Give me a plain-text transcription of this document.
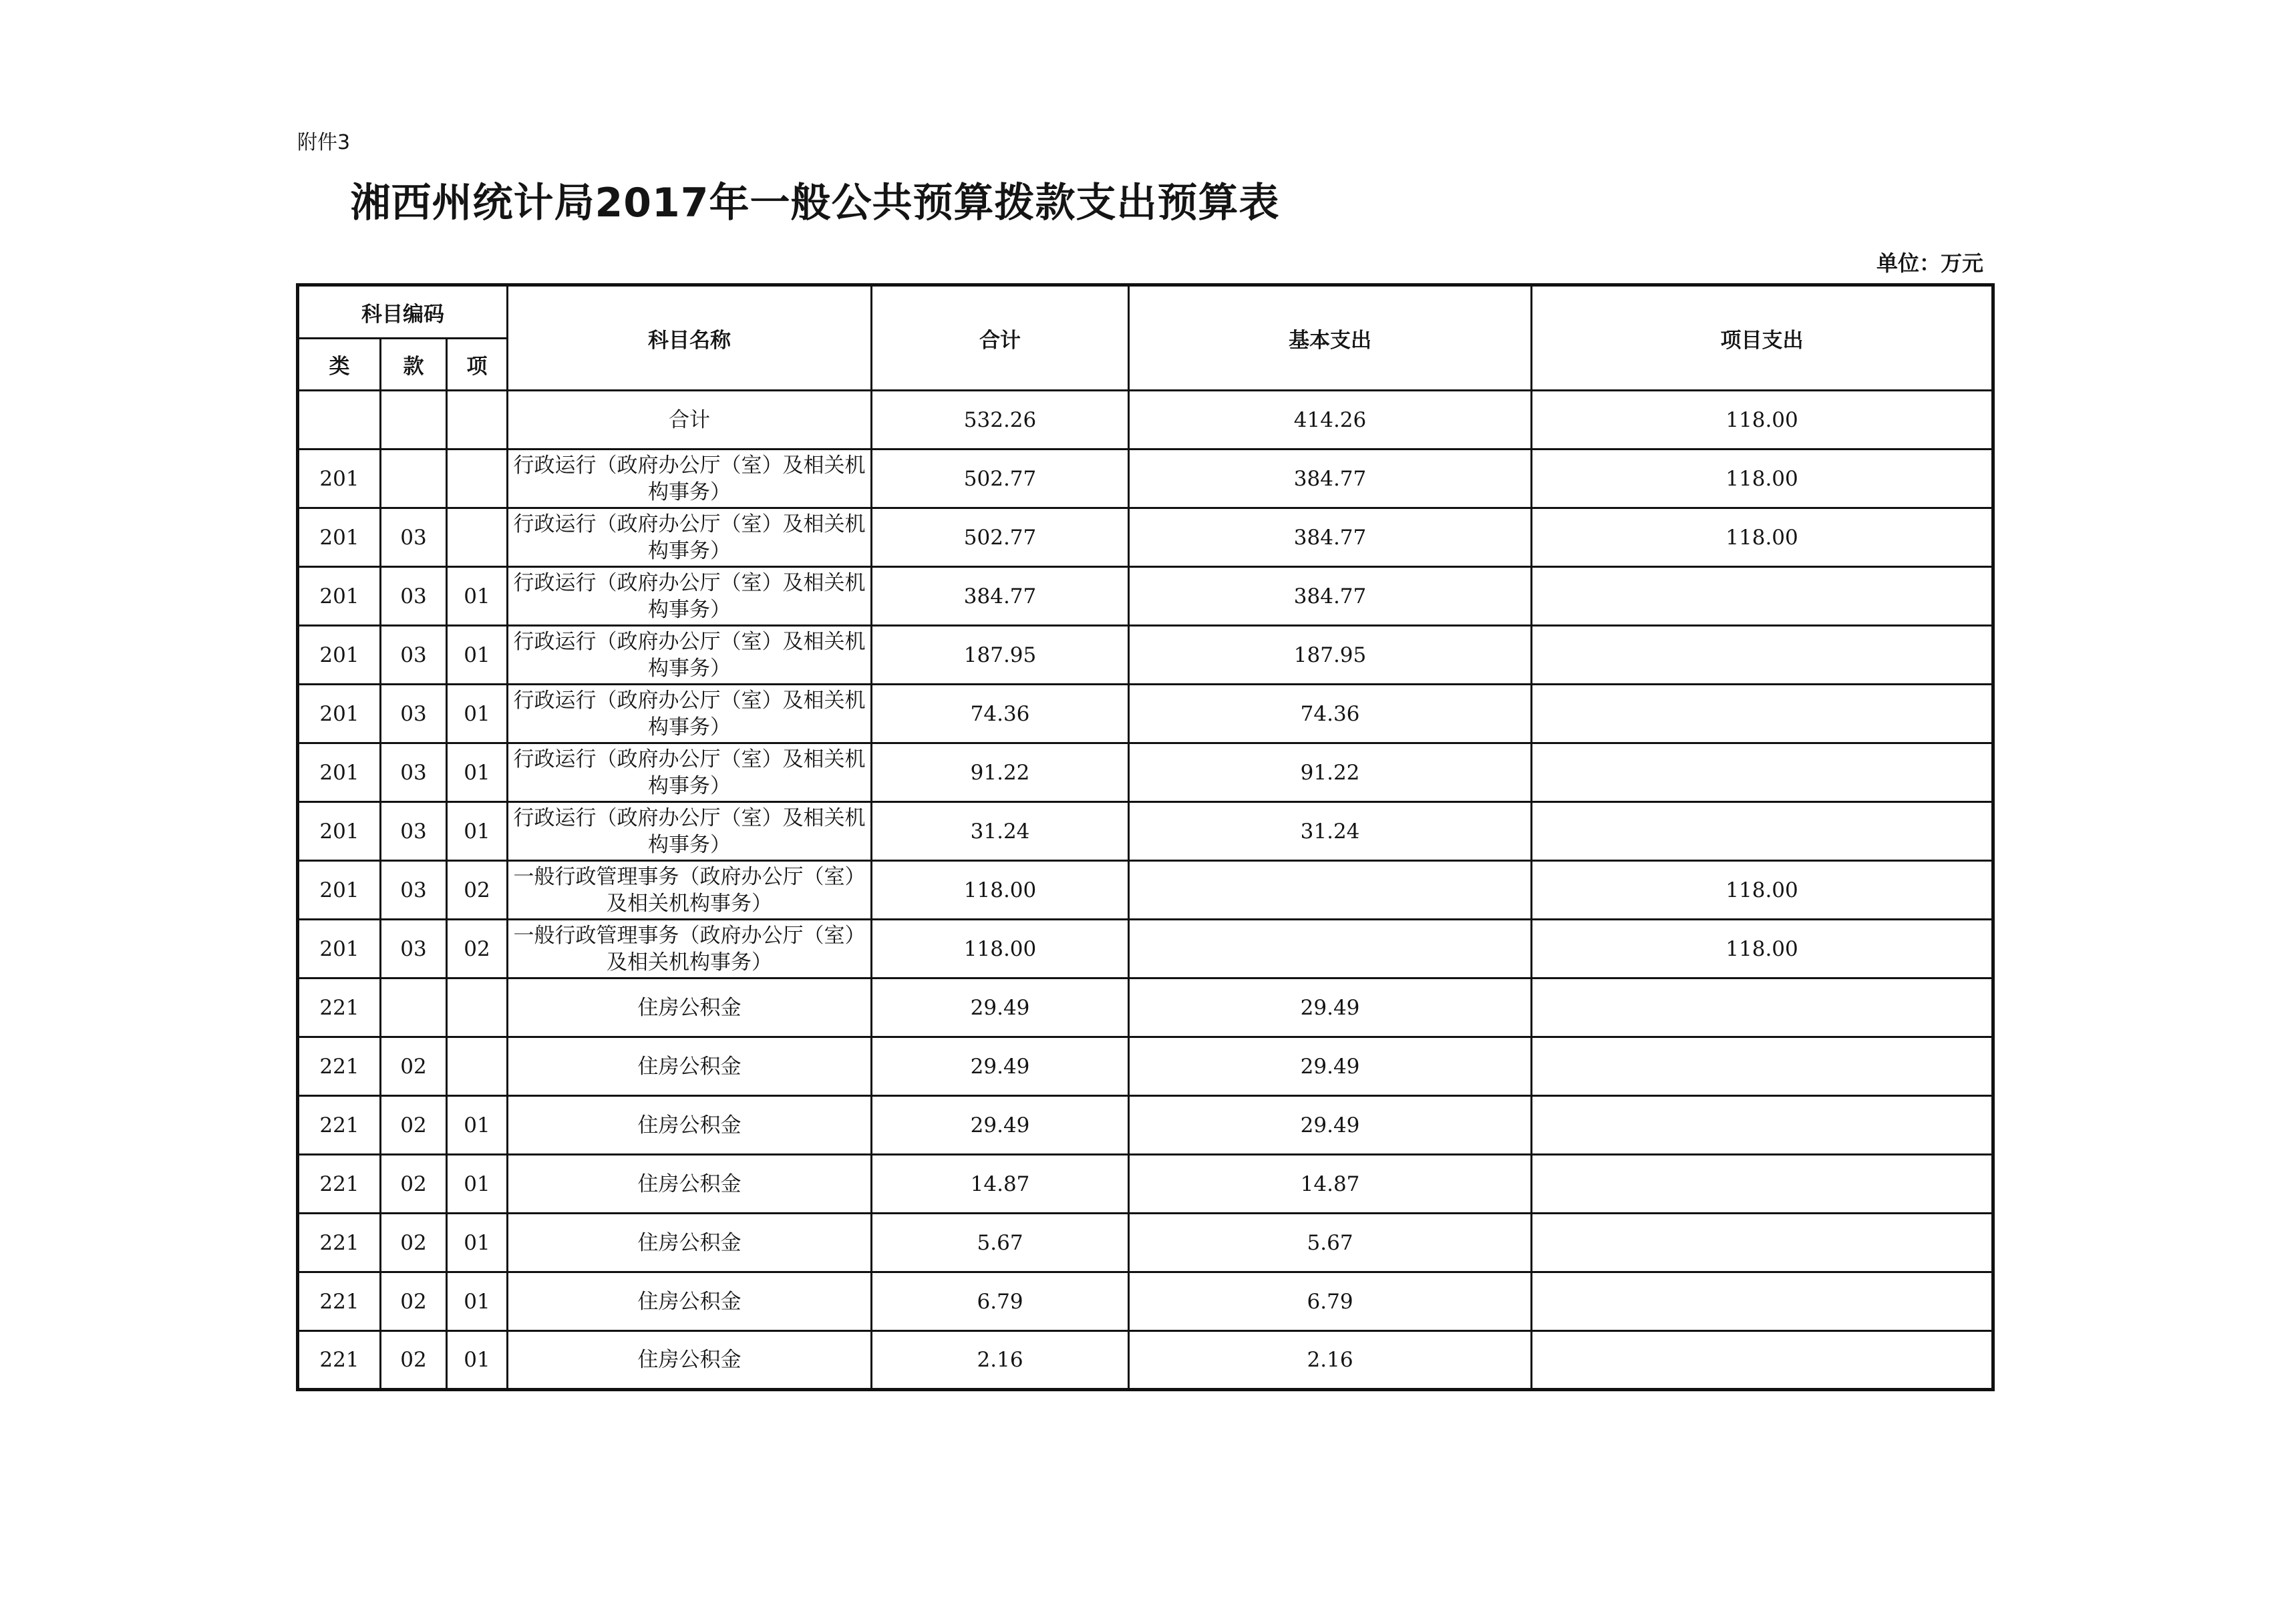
附件3
湘西州统计局2017年一般公共预算拨款支出预算表
单位：万元
科目编码			科目名称	合计	基本支出	项目支出
类	款	项				
			合计	532.26	414.26	118.00
201			行政运行（政府办公厅（室）及相关机构事务）	502.77	384.77	118.00
201	03		行政运行（政府办公厅（室）及相关机构事务）	502.77	384.77	118.00
201	03	01	行政运行（政府办公厅（室）及相关机构事务）	384.77	384.77	
201	03	01	行政运行（政府办公厅（室）及相关机构事务）	187.95	187.95	
201	03	01	行政运行（政府办公厅（室）及相关机构事务）	74.36	74.36	
201	03	01	行政运行（政府办公厅（室）及相关机构事务）	91.22	91.22	
201	03	01	行政运行（政府办公厅（室）及相关机构事务）	31.24	31.24	
201	03	02	一般行政管理事务（政府办公厅（室）及相关机构事务）	118.00		118.00
201	03	02	一般行政管理事务（政府办公厅（室）及相关机构事务）	118.00		118.00
221			住房公积金	29.49	29.49	
221	02		住房公积金	29.49	29.49	
221	02	01	住房公积金	29.49	29.49	
221	02	01	住房公积金	14.87	14.87	
221	02	01	住房公积金	5.67	5.67	
221	02	01	住房公积金	6.79	6.79	
221	02	01	住房公积金	2.16	2.16	
